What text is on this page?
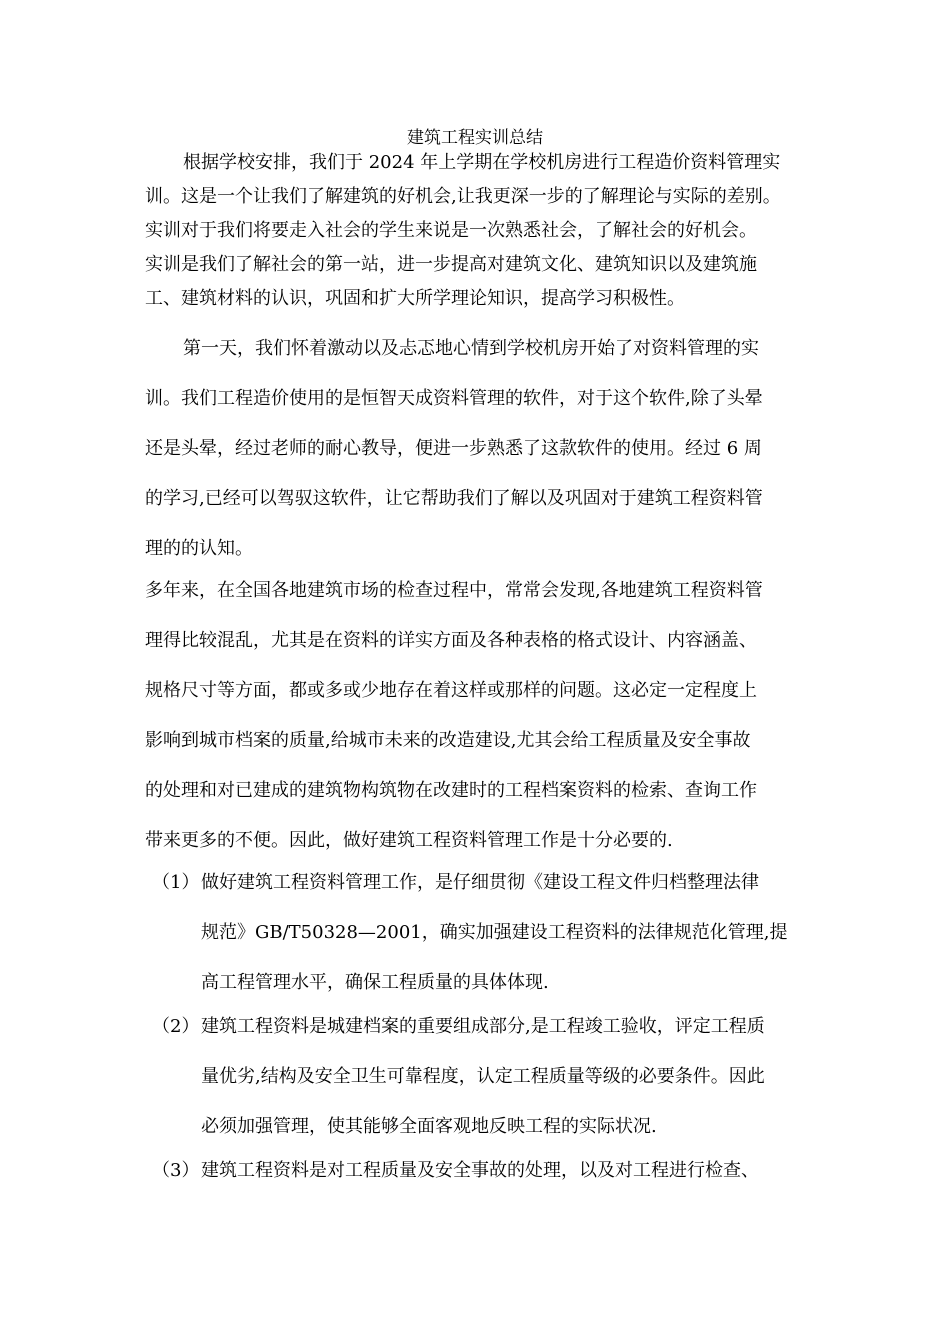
建筑工程实训总结
根据学校安排，我们于 2024 年上学期在学校机房进行工程造价资料管理实
训。这是一个让我们了解建筑的好机会,让我更深一步的了解理论与实际的差别。
实训对于我们将要走入社会的学生来说是一次熟悉社会，了解社会的好机会。
实训是我们了解社会的第一站，进一步提高对建筑文化、建筑知识以及建筑施
工、建筑材料的认识，巩固和扩大所学理论知识，提高学习积极性。
第一天，我们怀着激动以及忐忑地心情到学校机房开始了对资料管理的实
训。我们工程造价使用的是恒智天成资料管理的软件，对于这个软件,除了头晕
还是头晕，经过老师的耐心教导，便进一步熟悉了这款软件的使用。经过 6 周
的学习,已经可以驾驭这软件，让它帮助我们了解以及巩固对于建筑工程资料管
理的的认知。
多年来，在全国各地建筑市场的检查过程中，常常会发现,各地建筑工程资料管
理得比较混乱，尤其是在资料的详实方面及各种表格的格式设计、内容涵盖、
规格尺寸等方面，都或多或少地存在着这样或那样的问题。这必定一定程度上
影响到城市档案的质量,给城市未来的改造建设,尤其会给工程质量及安全事故
的处理和对已建成的建筑物构筑物在改建时的工程档案资料的检索、查询工作
带来更多的不便。因此，做好建筑工程资料管理工作是十分必要的.
（1） 做好建筑工程资料管理工作，是仔细贯彻《建设工程文件归档整理法律
规范》GB/T50328—2001，确实加强建设工程资料的法律规范化管理,提
高工程管理水平，确保工程质量的具体体现.
（2） 建筑工程资料是城建档案的重要组成部分,是工程竣工验收，评定工程质
量优劣,结构及安全卫生可靠程度，认定工程质量等级的必要条件。因此
必须加强管理，使其能够全面客观地反映工程的实际状况.
（3） 建筑工程资料是对工程质量及安全事故的处理，以及对工程进行检查、
